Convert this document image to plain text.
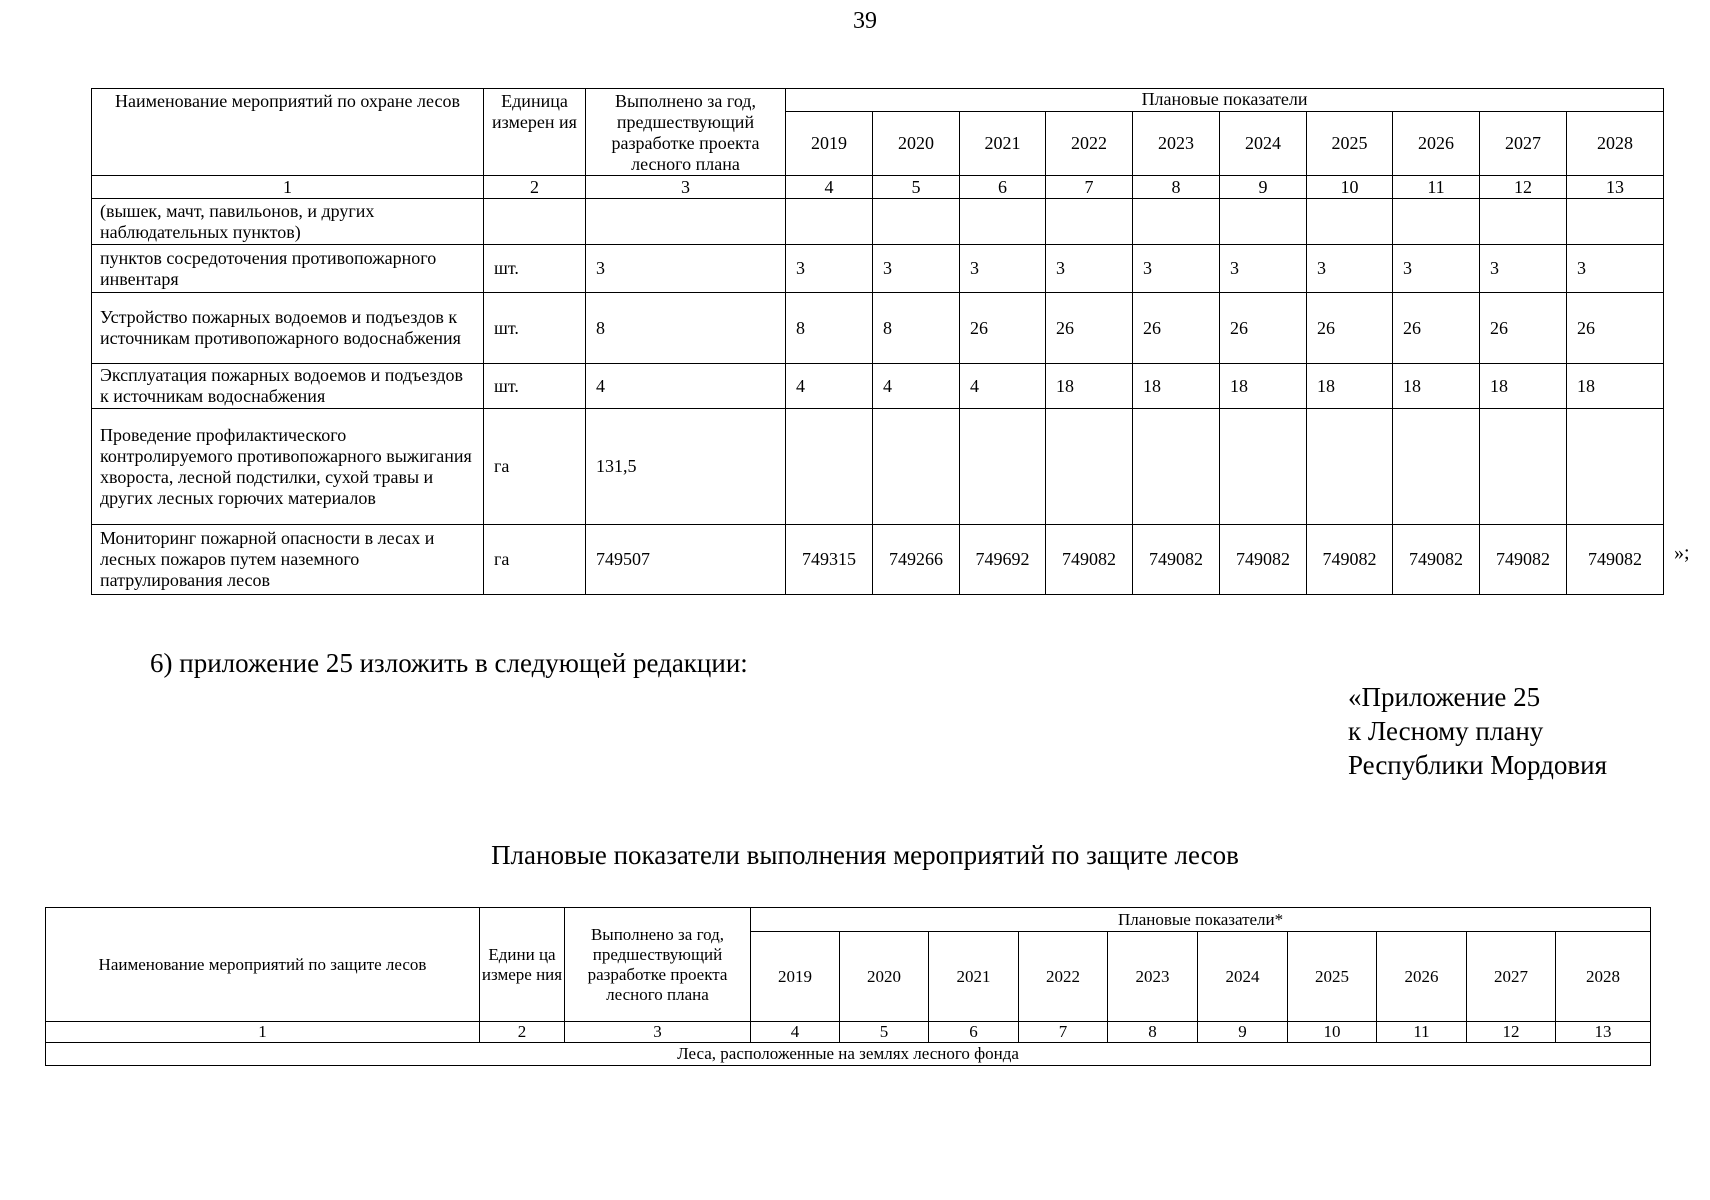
39
Наименование мероприятий по охране лесов	Единица измерен ия	Выполнено за год, предшествующий разработке проекта лесного плана	Плановые показатели									
			2019	2020	2021	2022	2023	2024	2025	2026	2027	2028
1	2	3	4	5	6	7	8	9	10	11	12	13
(вышек, мачт, павильонов, и других наблюдательных пунктов)												
пунктов сосредоточения противопожарного инвентаря	шт.	3	3	3	3	3	3	3	3	3	3	3
Устройство пожарных водоемов и подъездов к источникам противопожарного водоснабжения	шт.	8	8	8	26	26	26	26	26	26	26	26
Эксплуатация пожарных водоемов и подъездов к источникам водоснабжения	шт.	4	4	4	4	18	18	18	18	18	18	18
Проведение профилактического контролируемого противопожарного выжигания хвороста, лесной подстилки, сухой травы и других лесных горючих материалов	га	131,5										
Мониторинг пожарной опасности в лесах и лесных пожаров путем наземного патрулирования лесов	га	749507	749315	749266	749692	749082	749082	749082	749082	749082	749082	749082 »;
6) приложение 25 изложить в следующей редакции:
«Приложение 25
к Лесному плану
Республики Мордовия
Плановые показатели выполнения мероприятий по защите лесов
Наименование мероприятий по защите лесов	Едини ца измере ния	Выполнено за год, предшествующий разработке проекта лесного плана	Плановые показатели*									
			2019	2020	2021	2022	2023	2024	2025	2026	2027	2028
1	2	3	4	5	6	7	8	9	10	11	12	13
Леса, расположенные на землях лесного фонда												
